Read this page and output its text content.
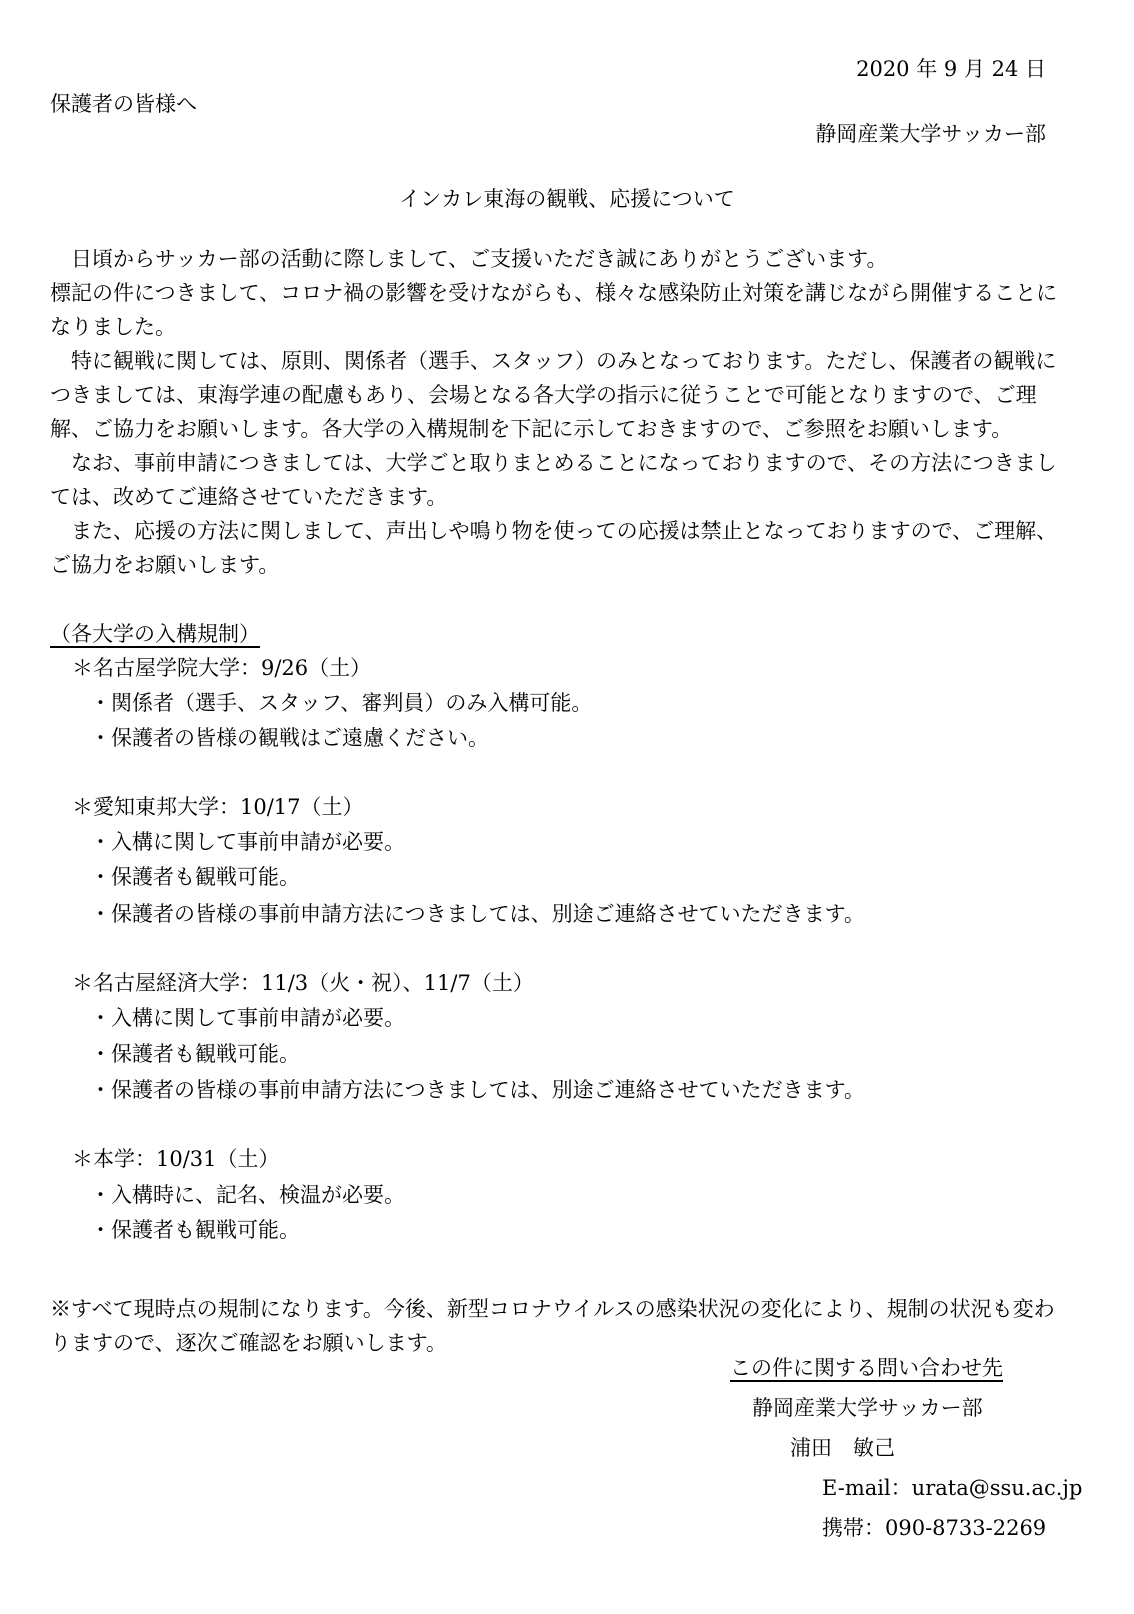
2020 年 9 月 24 日
保護者の皆様へ
静岡産業大学サッカー部
インカレ東海の観戦、応援について

　日頃からサッカー部の活動に際しまして、ご支援いただき誠にありがとうございます。

標記の件につきまして、コロナ禍の影響を受けながらも、様々な感染防止対策を講じながら開催することになりました。

　特に観戦に関しては、原則、関係者（選手、スタッフ）のみとなっております。ただし、保護者の観戦につきましては、東海学連の配慮もあり、会場となる各大学の指示に従うことで可能となりますので、ご理解、ご協力をお願いします。各大学の入構規制を下記に示しておきますので、ご参照をお願いします。

　なお、事前申請につきましては、大学ごと取りまとめることになっておりますので、その方法につきましては、改めてご連絡させていただきます。

　また、応援の方法に関しまして、声出しや鳴り物を使っての応援は禁止となっておりますので、ご理解、ご協力をお願いします。

（各大学の入構規制）
＊名古屋学院大学：9/26（土）
・関係者（選手、スタッフ、審判員）のみ入構可能。
・保護者の皆様の観戦はご遠慮ください。
＊愛知東邦大学：10/17（土）
・入構に関して事前申請が必要。
・保護者も観戦可能。
・保護者の皆様の事前申請方法につきましては、別途ご連絡させていただきます。
＊名古屋経済大学：11/3（火・祝）、11/7（土）
・入構に関して事前申請が必要。
・保護者も観戦可能。
・保護者の皆様の事前申請方法につきましては、別途ご連絡させていただきます。
＊本学：10/31（土）
・入構時に、記名、検温が必要。
・保護者も観戦可能。
※すべて現時点の規制になります。今後、新型コロナウイルスの感染状況の変化により、規制の状況も変わりますので、逐次ご確認をお願いします。
この件に関する問い合わせ先
静岡産業大学サッカー部
浦田　敏己
E-mail：urata@ssu.ac.jp
携帯：090-8733-2269
